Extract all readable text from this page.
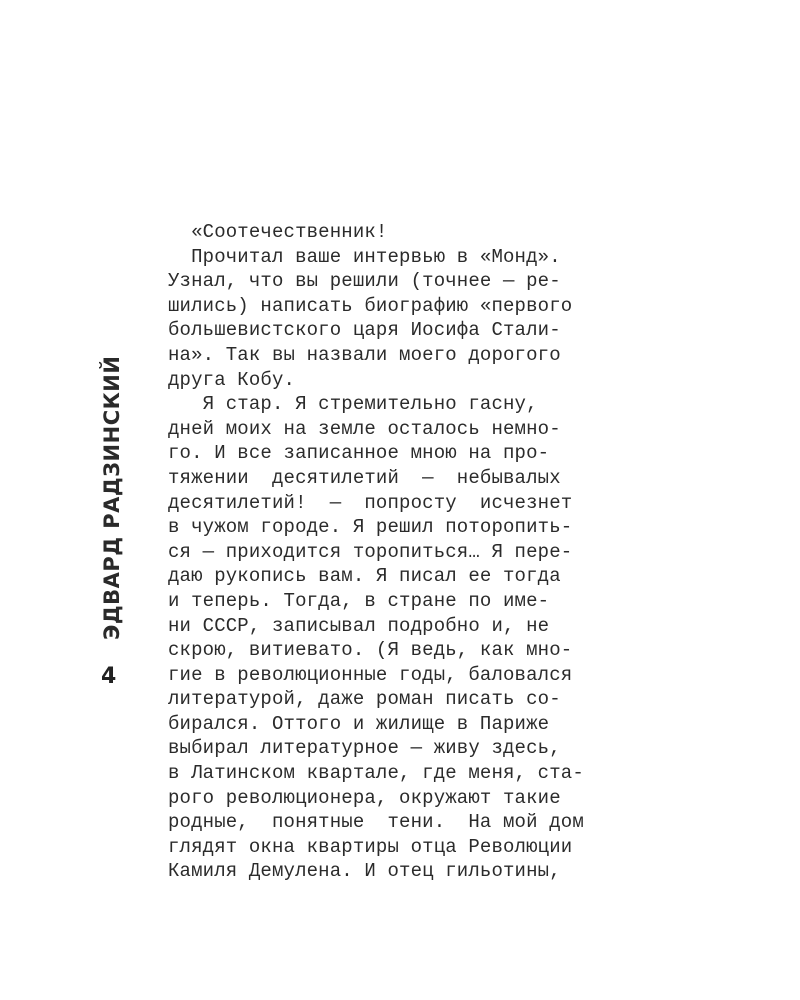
ЭДВАРД РАДЗИНСКИЙ
4
«Соотечественник!
Прочитал ваше интервью в «Монд».
Узнал, что вы решили (точнее — ре-
шились) написать биографию «первого
большевистского царя Иосифа Стали-
на». Так вы назвали моего дорогого
друга Кобу.
Я стар. Я стремительно гасну,
дней моих на земле осталось немно-
го. И все записанное мною на про-
тяжении  десятилетий  —  небывалых
десятилетий!  —  попросту  исчезнет
в чужом городе. Я решил поторопить-
ся — приходится торопиться… Я пере-
даю рукопись вам. Я писал ее тогда
и теперь. Тогда, в стране по име-
ни СССР, записывал подробно и, не
скрою, витиевато. (Я ведь, как мно-
гие в революционные годы, баловался
литературой, даже роман писать со-
бирался. Оттого и жилище в Париже
выбирал литературное — живу здесь,
в Латинском квартале, где меня, ста-
рого революционера, окружают такие
родные,  понятные  тени.  На мой дом
глядят окна квартиры отца Революции
Камиля Демулена. И отец гильотины,
